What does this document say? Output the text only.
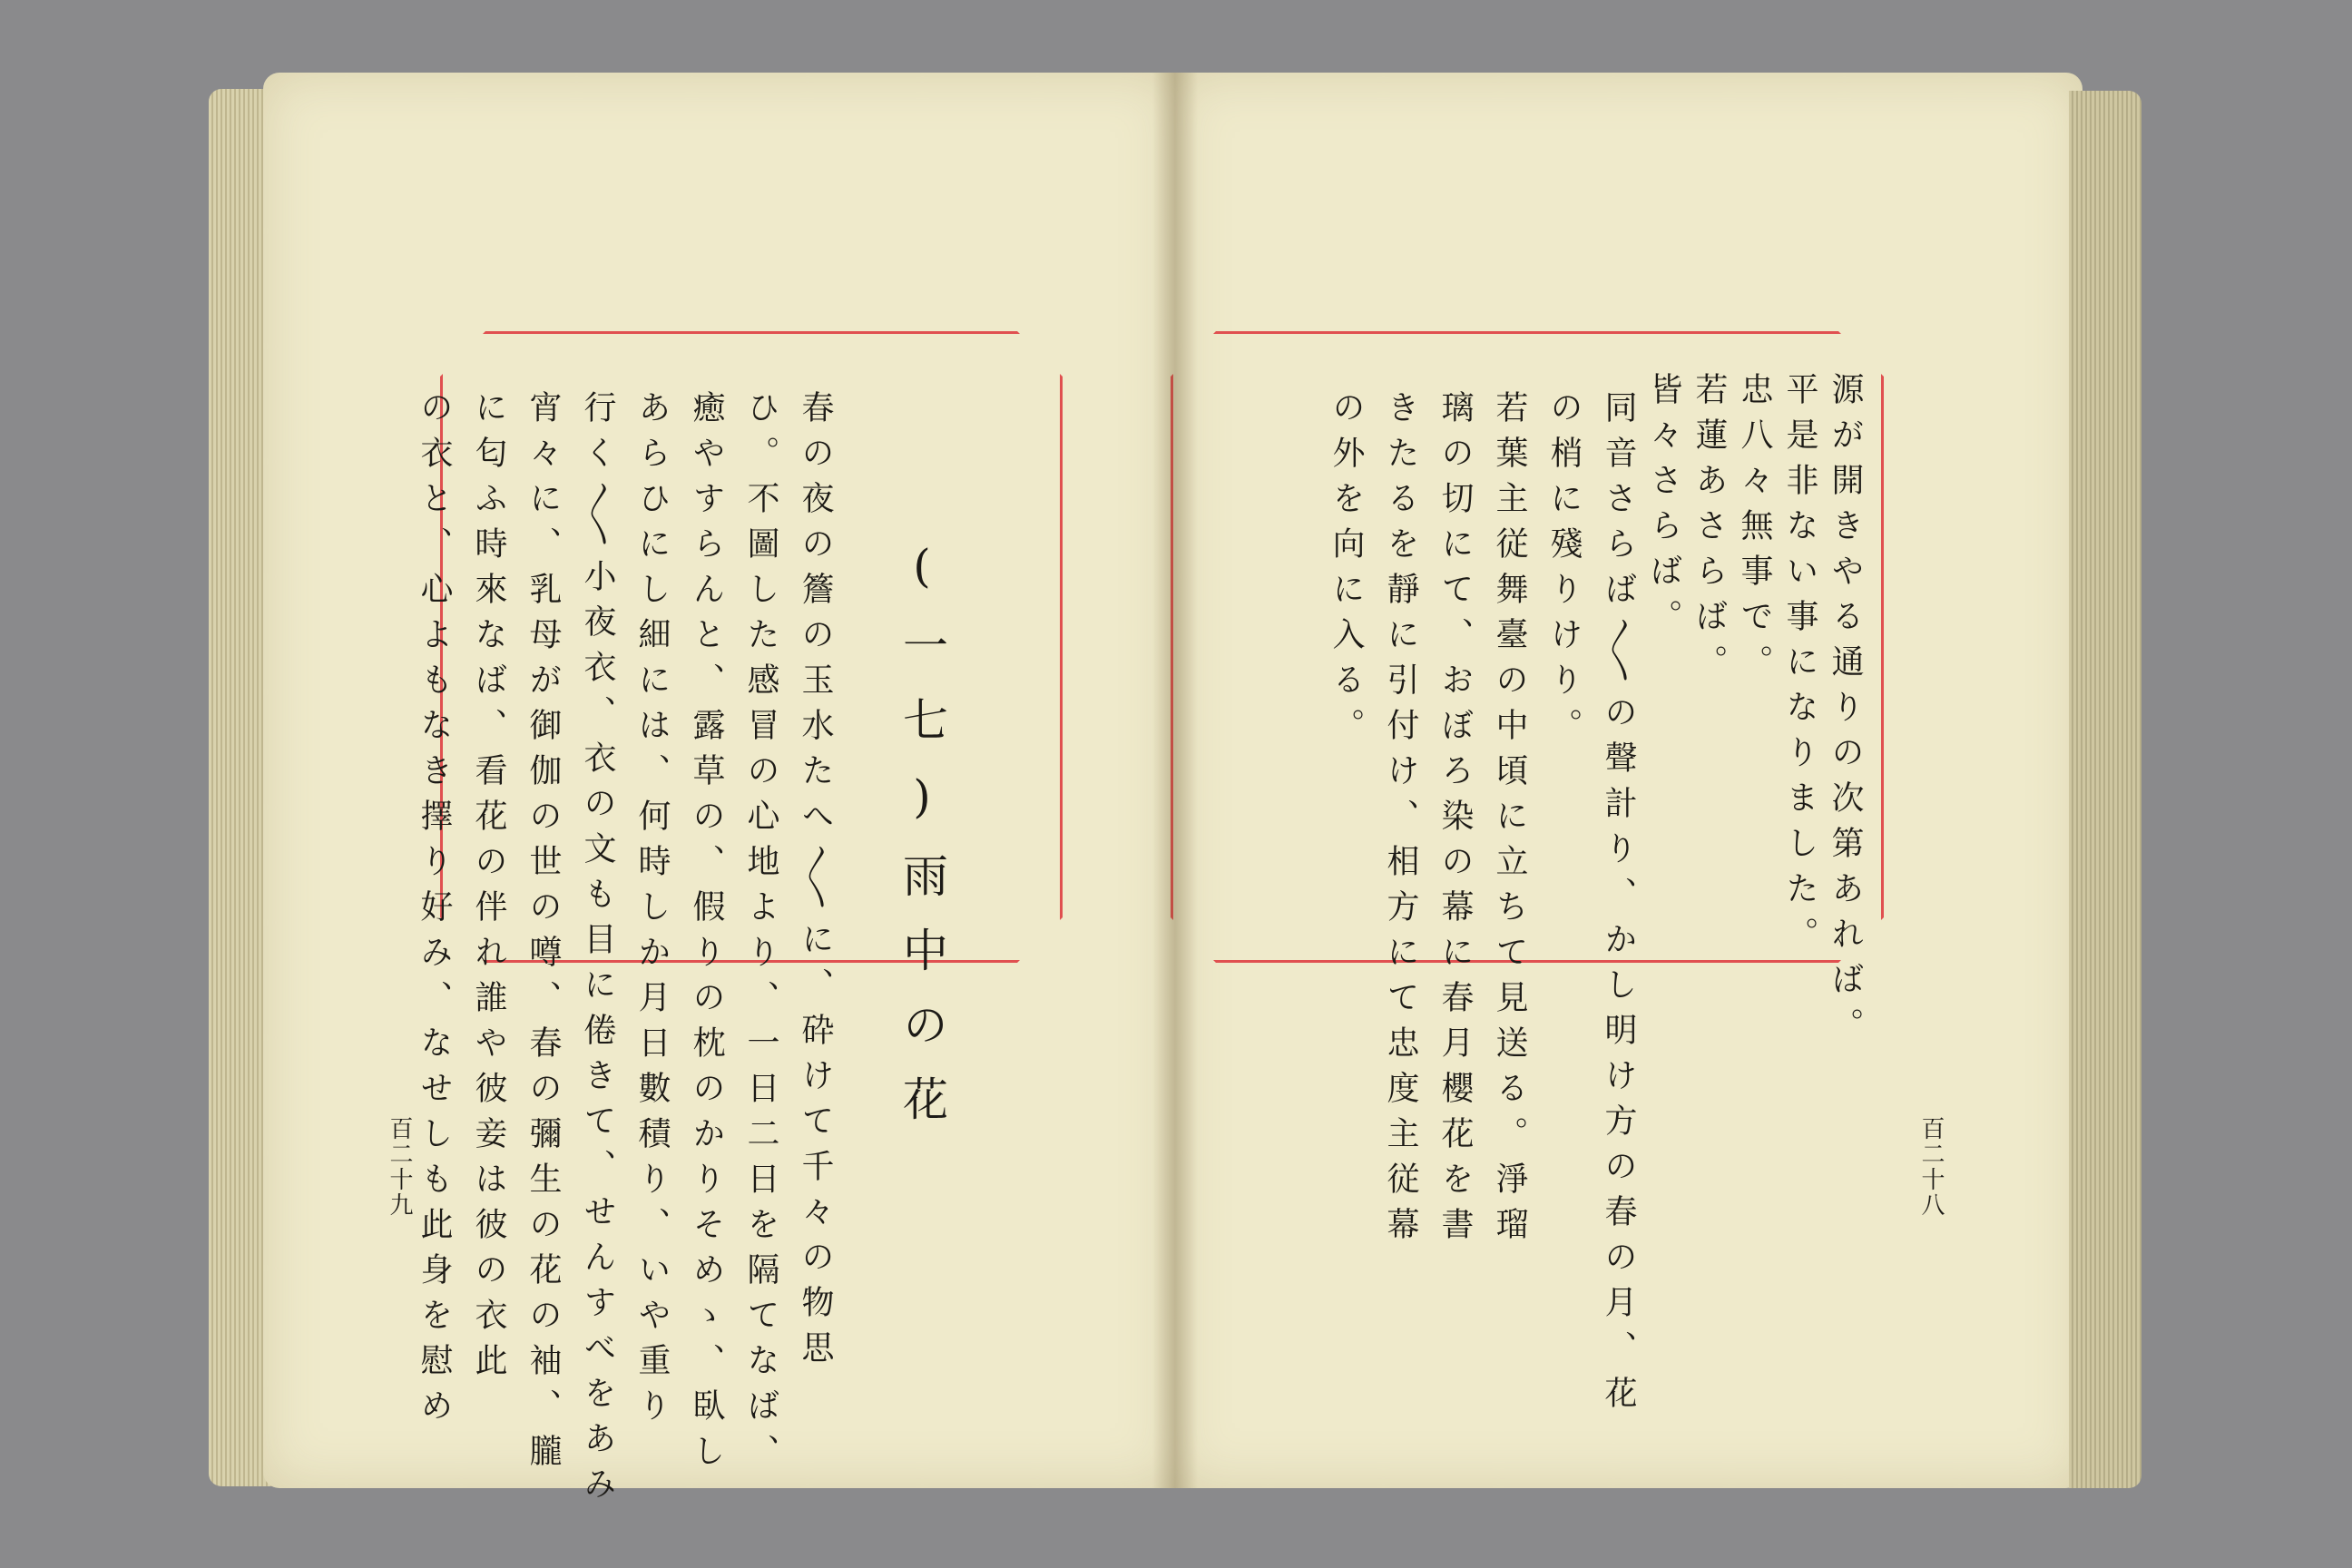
(一七)雨中の花
春の夜の簷の玉水たへ〳〵に、砕けて千々の物思
ひ。不圖した感冒の心地より、一日二日を隔てなば、
癒やすらんと、露草の、假りの枕のかりそめゝ、臥し
あらひにし細には、何時しか月日數積り、いや重り
行く〳〵小夜衣、衣の文も目に倦きて、せんすべをあみ
宵々に、乳母が御伽の世の噂、春の彌生の花の袖、朧
に匂ふ時來なば、看花の伴れ誰や彼妾は彼の衣此
の衣と、心よもなき擇り好み、なせしも此身を慰め
百二十九
源が開きやる通りの次第あれば。
平是非ない事になりました。
忠八々無事で。
若蓮あさらば。
皆々さらば。
同音さらば〳〵の聲計り、かし明け方の春の月、花
の梢に殘りけり。
若葉主従舞臺の中頃に立ちて見送る。淨瑠
璃の切にて、おぼろ染の幕に春月櫻花を書
きたるを靜に引付け、相方にて忠度主従幕
の外を向に入る。
百二十八
